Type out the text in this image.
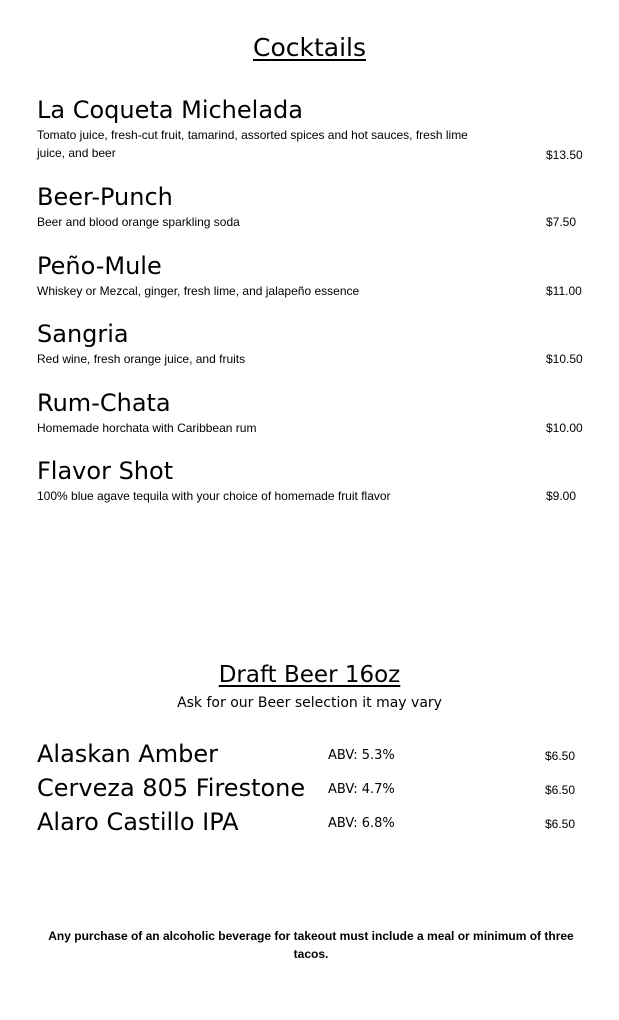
Cocktails
La Coqueta Michelada
Tomato juice, fresh-cut fruit, tamarind, assorted spices and hot sauces, fresh lime juice, and beer	$13.50
Beer-Punch
Beer and blood orange sparkling soda	$7.50
Peño-Mule
Whiskey or Mezcal, ginger, fresh lime, and jalapeño essence	$11.00
Sangria
Red wine, fresh orange juice, and fruits	$10.50
Rum-Chata
Homemade horchata with Caribbean rum	$10.00
Flavor Shot
100% blue agave tequila with your choice of homemade fruit flavor	$9.00
Draft Beer 16oz
Ask for our Beer selection it may vary
Alaskan Amber	ABV: 5.3%	$6.50
Cerveza 805 Firestone ABV: 4.7%	$6.50
Alaro Castillo IPA	ABV: 6.8%	$6.50
Any purchase of an alcoholic beverage for takeout must include a meal or minimum of three tacos.
